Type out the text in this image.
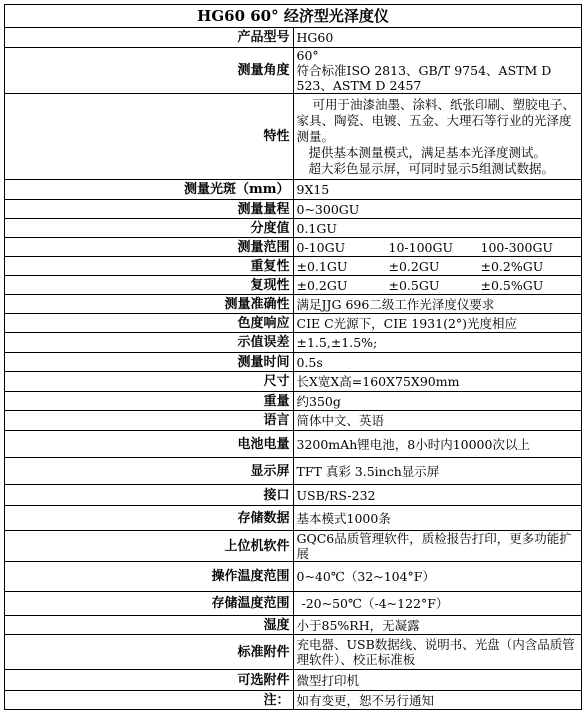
HG60 60° 经济型光泽度仪	
产品型号	HG60
测量角度	60°
符合标准ISO 2813、GB/T 9754、ASTM D 523、ASTM D 2457

特性	可用于油漆油墨、涂料、纸张印刷、塑胶电子、家具、陶瓷、电镀、五金、大理石等行业的光泽度测量。
提供基本测量模式，满足基本光泽度测试。
超大彩色显示屏，可同时显示5组测试数据。

测量光斑（mm）	9X15
测量量程	0~300GU
分度值	0.1GU
测量范围	0-10GU 10-100GU 100-300GU
重复性	±0.1GU ±0.2GU ±0.2%GU
复现性	±0.2GU ±0.5GU ±0.5%GU
测量准确性	满足JJG 696二级工作光泽度仪要求
色度响应	CIE C光源下，CIE 1931(2°)光度相应
示值误差	±1.5,±1.5%;
测量时间	0.5s
尺寸	长X宽X高=160X75X90mm
重量	约350g
语言	简体中文、英语
电池电量	3200mAh锂电池，8小时内10000次以上
显示屏	TFT 真彩 3.5inch显示屏
接口	USB/RS-232
存储数据	基本模式1000条
上位机软件	GQC6品质管理软件，质检报告打印，更多功能扩展
操作温度范围	0~40℃（32~104°F）
存储温度范围	-20~50℃（-4~122°F）
湿度	小于85%RH，无凝露
标准附件	充电器、USB数据线、说明书、光盘（内含品质管理软件）、校正标准板
可选附件	微型打印机
注：	如有变更，恕不另行通知
